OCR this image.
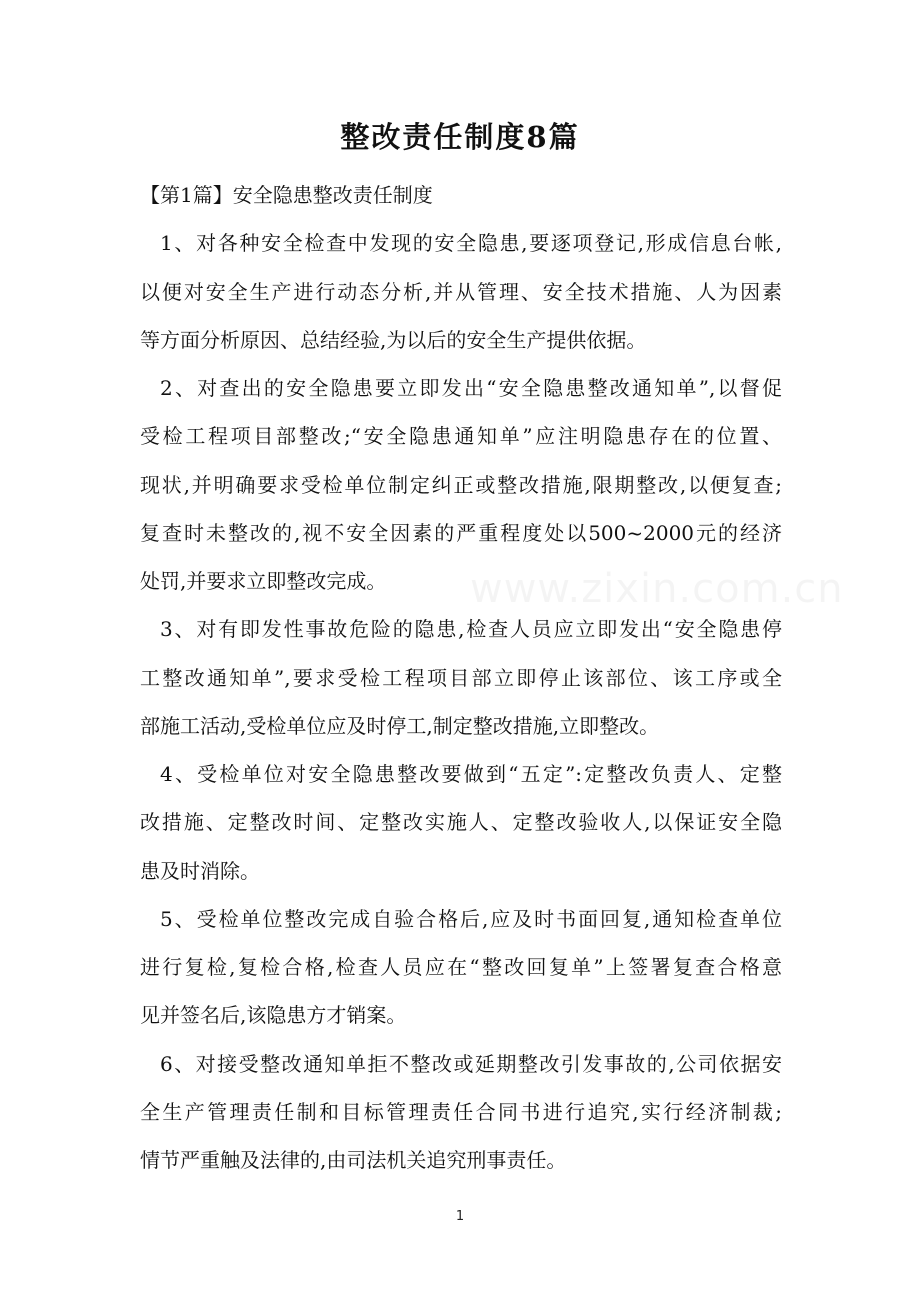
整改责任制度8篇
【第1篇】安全隐患整改责任制度
1、对各种安全检查中发现的安全隐患,要逐项登记,形成信息台帐,
以便对安全生产进行动态分析,并从管理、安全技术措施、人为因素
等方面分析原因、总结经验,为以后的安全生产提供依据。
2、对查出的安全隐患要立即发出“安全隐患整改通知单”,以督促
受检工程项目部整改;“安全隐患通知单”应注明隐患存在的位置、
现状,并明确要求受检单位制定纠正或整改措施,限期整改,以便复查;
复查时未整改的,视不安全因素的严重程度处以500~2000元的经济
处罚,并要求立即整改完成。
3、对有即发性事故危险的隐患,检查人员应立即发出“安全隐患停
工整改通知单”,要求受检工程项目部立即停止该部位、该工序或全
部施工活动,受检单位应及时停工,制定整改措施,立即整改。
4、受检单位对安全隐患整改要做到“五定”:定整改负责人、定整
改措施、定整改时间、定整改实施人、定整改验收人,以保证安全隐
患及时消除。
5、受检单位整改完成自验合格后,应及时书面回复,通知检查单位
进行复检,复检合格,检查人员应在“整改回复单”上签署复查合格意
见并签名后,该隐患方才销案。
6、对接受整改通知单拒不整改或延期整改引发事故的,公司依据安
全生产管理责任制和目标管理责任合同书进行追究,实行经济制裁;
情节严重触及法律的,由司法机关追究刑事责任。
1
